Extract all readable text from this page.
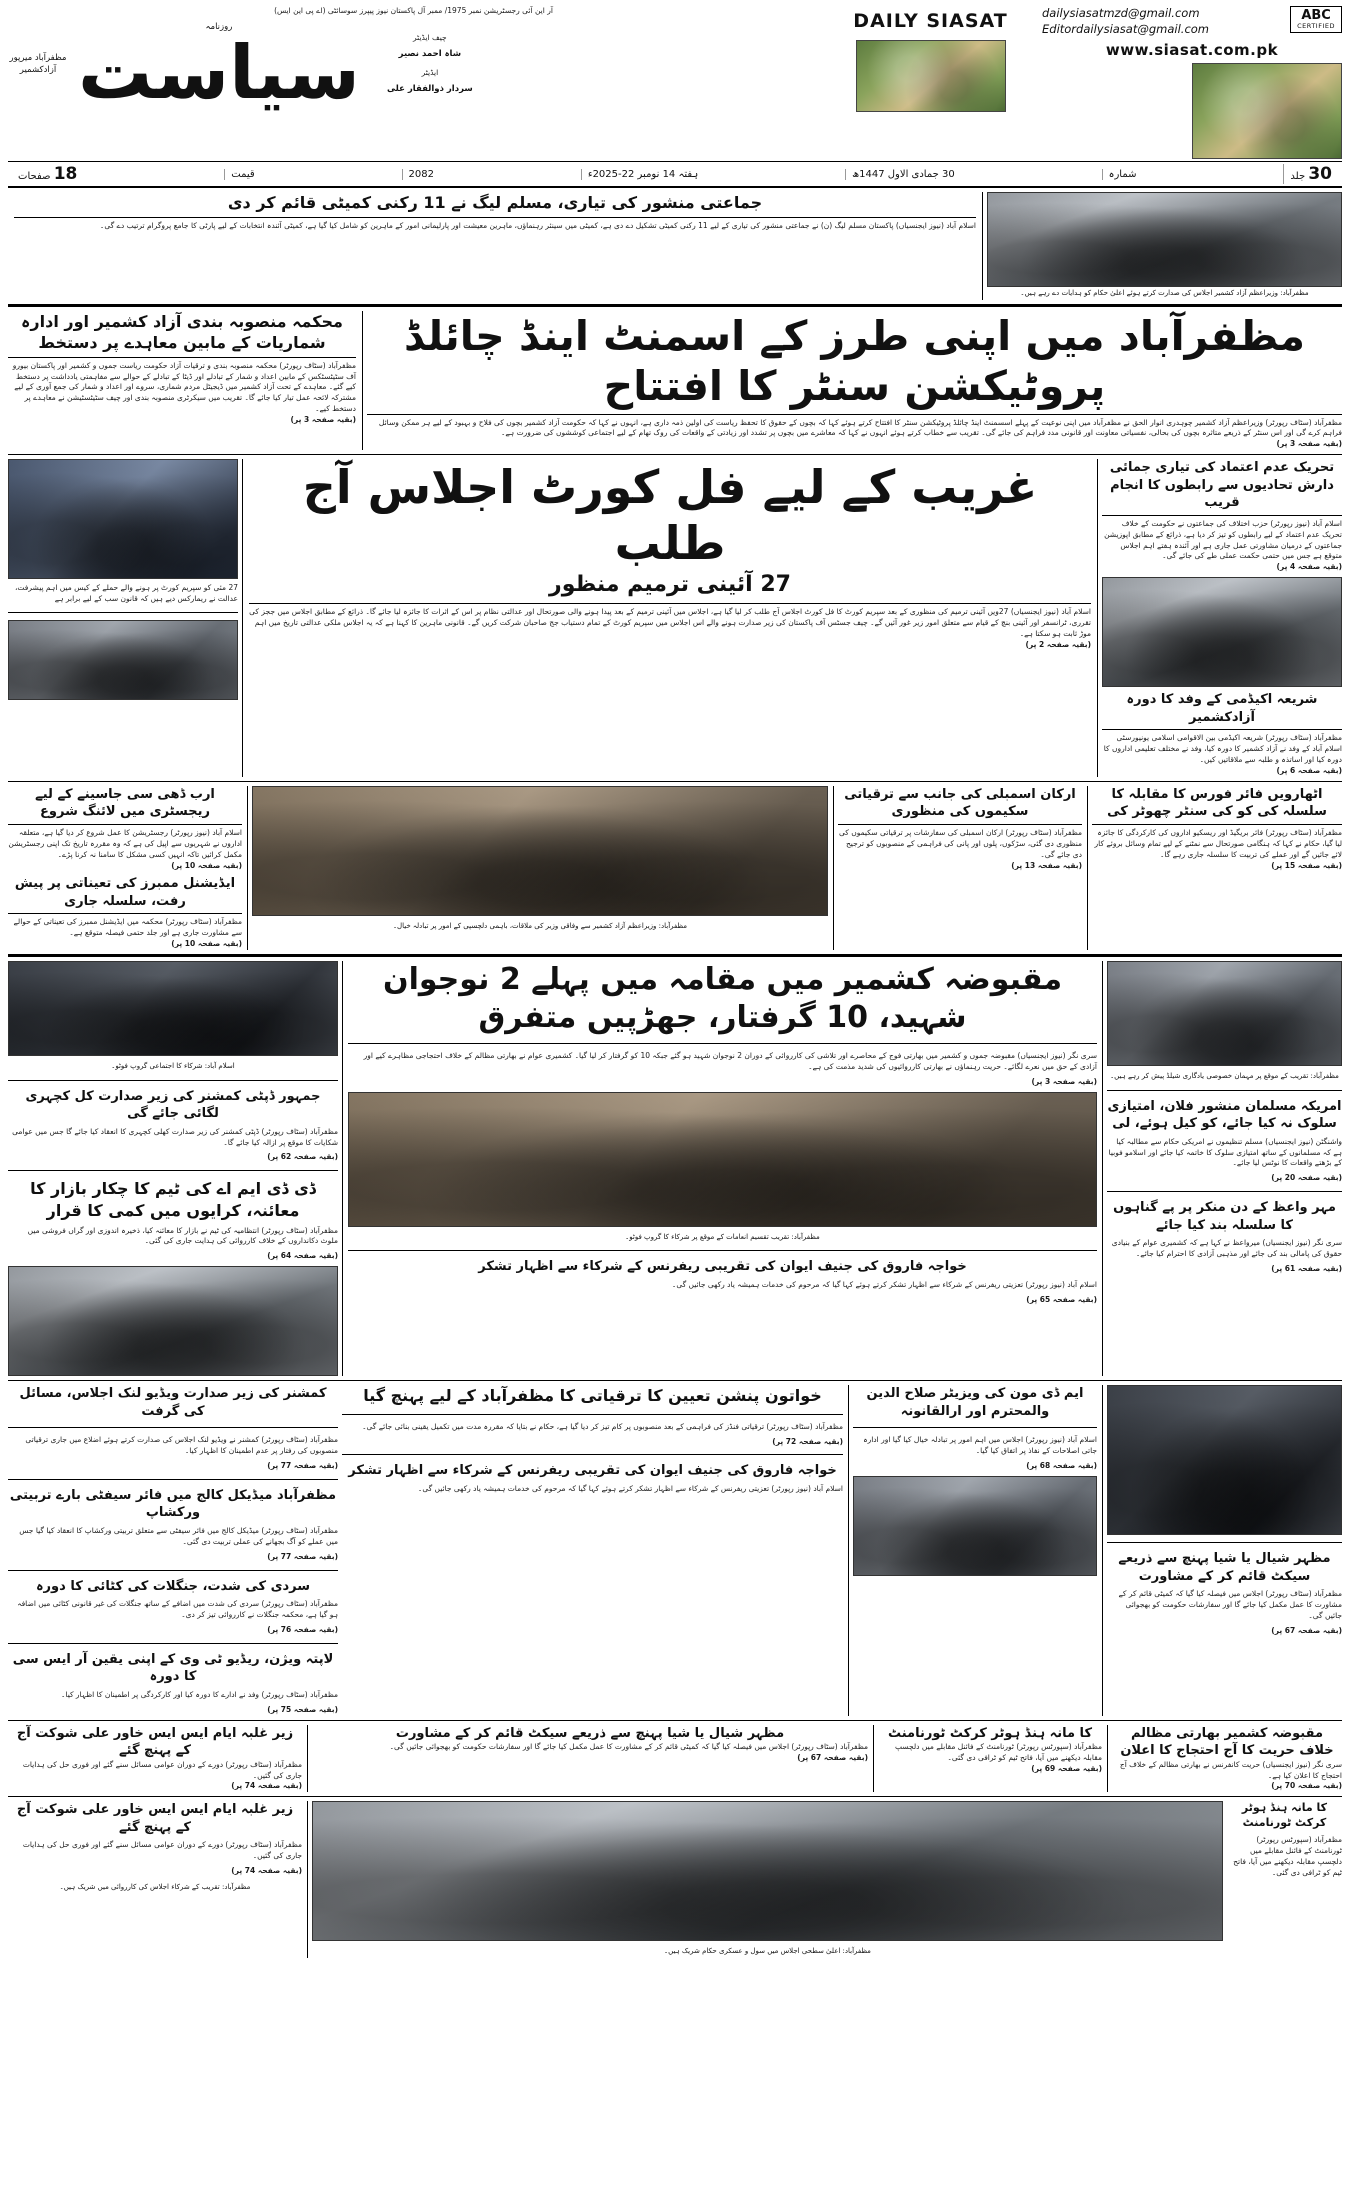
ABC
CERTIFIED
dailysiasatmzd@gmail.com
Editordailysiasat@gmail.com
www.siasat.com.pk
DAILY SIASAT
آر این آئی رجسٹریشن نمبر 1975/ ممبر آل پاکستان نیوز پیپرز سوسائٹی (اے پی این ایس)
چیف ایڈیٹر
شاہ احمد نصیر
ایڈیٹر
سردار ذوالفقار علی
روزنامہ
سیاست
مظفرآباد میرپور آزادکشمیر
30 جلد
شمارہ
30 جمادی الاول 1447ھ
ہفتہ 14 نومبر 22-2025ء
2082
قیمت
18 صفحات
مظفرآباد: وزیراعظم آزاد کشمیر اجلاس کی صدارت کرتے ہوئے اعلیٰ حکام کو ہدایات دے رہے ہیں۔
جماعتی منشور کی تیاری، مسلم لیگ نے 11 رکنی کمیٹی قائم کر دی
اسلام آباد (نیوز ایجنسیاں) پاکستان مسلم لیگ (ن) نے جماعتی منشور کی تیاری کے لیے 11 رکنی کمیٹی تشکیل دے دی ہے، کمیٹی میں سینئر رہنماؤں، ماہرین معیشت اور پارلیمانی امور کے ماہرین کو شامل کیا گیا ہے، کمیٹی آئندہ انتخابات کے لیے پارٹی کا جامع پروگرام ترتیب دے گی۔
مظفرآباد میں اپنی طرز کے اسمنٹ اینڈ چائلڈ پروٹیکشن سنٹر کا افتتاح
مظفرآباد (سٹاف رپورٹر) وزیراعظم آزاد کشمیر چوہدری انوار الحق نے مظفرآباد میں اپنی نوعیت کے پہلے اسسمنٹ اینڈ چائلڈ پروٹیکشن سنٹر کا افتتاح کرتے ہوئے کہا کہ بچوں کے حقوق کا تحفظ ریاست کی اولین ذمہ داری ہے، انہوں نے کہا کہ حکومت آزاد کشمیر بچوں کی فلاح و بہبود کے لیے ہر ممکن وسائل فراہم کرے گی اور اس سنٹر کے ذریعے متاثرہ بچوں کی بحالی، نفسیاتی معاونت اور قانونی مدد فراہم کی جائے گی۔ تقریب سے خطاب کرتے ہوئے انہوں نے کہا کہ معاشرے میں بچوں پر تشدد اور زیادتی کے واقعات کی روک تھام کے لیے اجتماعی کوششوں کی ضرورت ہے۔
(بقیہ صفحہ 3 پر)
محکمہ منصوبہ بندی آزاد کشمیر اور ادارہ شماریات کے مابین معاہدے پر دستخط
مظفرآباد (سٹاف رپورٹر) محکمہ منصوبہ بندی و ترقیات آزاد حکومت ریاست جموں و کشمیر اور پاکستان بیورو آف سٹیٹسٹکس کے مابین اعداد و شمار کے تبادلے اور ڈیٹا کے تبادلے کے حوالے سے مفاہمتی یادداشت پر دستخط کیے گئے۔ معاہدے کے تحت آزاد کشمیر میں ڈیجیٹل مردم شماری، سروے اور اعداد و شمار کی جمع آوری کے لیے مشترکہ لائحہ عمل تیار کیا جائے گا۔ تقریب میں سیکرٹری منصوبہ بندی اور چیف سٹیٹسٹیشن نے معاہدے پر دستخط کیے۔
(بقیہ صفحہ 3 پر)
تحریک عدم اعتماد کی تیاری جمائی دارش تحادیوں سے رابطوں کا انجام قریب
اسلام آباد (نیوز رپورٹر) حزب اختلاف کی جماعتوں نے حکومت کے خلاف تحریک عدم اعتماد کے لیے رابطوں کو تیز کر دیا ہے، ذرائع کے مطابق اپوزیشن جماعتوں کے درمیان مشاورتی عمل جاری ہے اور آئندہ ہفتے اہم اجلاس متوقع ہے جس میں حتمی حکمت عملی طے کی جائے گی۔
(بقیہ صفحہ 4 پر)
شریعہ اکیڈمی کے وفد کا دورہ آزادکشمیر
مظفرآباد (سٹاف رپورٹر) شریعہ اکیڈمی بین الاقوامی اسلامی یونیورسٹی اسلام آباد کے وفد نے آزاد کشمیر کا دورہ کیا، وفد نے مختلف تعلیمی اداروں کا دورہ کیا اور اساتذہ و طلبہ سے ملاقاتیں کیں۔
(بقیہ صفحہ 6 پر)
غریب کے لیے فل کورٹ اجلاس آج طلب
27 آئینی ترمیم منظور
اسلام آباد (نیوز ایجنسیاں) 27ویں آئینی ترمیم کی منظوری کے بعد سپریم کورٹ کا فل کورٹ اجلاس آج طلب کر لیا گیا ہے، اجلاس میں آئینی ترمیم کے بعد پیدا ہونے والی صورتحال اور عدالتی نظام پر اس کے اثرات کا جائزہ لیا جائے گا۔ ذرائع کے مطابق اجلاس میں ججز کی تقرری، ٹرانسفر اور آئینی بنچ کے قیام سے متعلق امور زیر غور آئیں گے۔ چیف جسٹس آف پاکستان کی زیر صدارت ہونے والے اس اجلاس میں سپریم کورٹ کے تمام دستیاب جج صاحبان شرکت کریں گے۔ قانونی ماہرین کا کہنا ہے کہ یہ اجلاس ملکی عدالتی تاریخ میں اہم موڑ ثابت ہو سکتا ہے۔
(بقیہ صفحہ 2 پر)
27 مئی کو سپریم کورٹ پر ہونے والے حملے کے کیس میں اہم پیشرفت، عدالت نے ریمارکس دیے ہیں کہ قانون سب کے لیے برابر ہے
اٹھارویں فائر فورس کا مقابلہ کا سلسلہ کی کو کی سنٹر چھوٹر کی
مظفرآباد (سٹاف رپورٹر) فائر بریگیڈ اور ریسکیو اداروں کی کارکردگی کا جائزہ لیا گیا، حکام نے کہا کہ ہنگامی صورتحال سے نمٹنے کے لیے تمام وسائل بروئے کار لائے جائیں گے اور عملے کی تربیت کا سلسلہ جاری رہے گا۔
(بقیہ صفحہ 15 پر)
ارکان اسمبلی کی جانب سے ترقیاتی سکیموں کی منظوری
مظفرآباد (سٹاف رپورٹر) ارکان اسمبلی کی سفارشات پر ترقیاتی سکیموں کی منظوری دی گئی، سڑکوں، پلوں اور پانی کی فراہمی کے منصوبوں کو ترجیح دی جائے گی۔
(بقیہ صفحہ 13 پر)
مظفرآباد: وزیراعظم آزاد کشمیر سے وفاقی وزیر کی ملاقات، باہمی دلچسپی کے امور پر تبادلہ خیال۔
ارب ڈھی سی جاسینے کے لیے ریجسٹری میں لائنگ شروع
اسلام آباد (نیوز رپورٹر) رجسٹریشن کا عمل شروع کر دیا گیا ہے، متعلقہ اداروں نے شہریوں سے اپیل کی ہے کہ وہ مقررہ تاریخ تک اپنی رجسٹریشن مکمل کرائیں تاکہ انہیں کسی مشکل کا سامنا نہ کرنا پڑے۔
(بقیہ صفحہ 10 پر)
ایڈیشنل ممبرز کی تعیناتی پر پیش رفت، سلسلہ جاری
مظفرآباد (سٹاف رپورٹر) محکمہ میں ایڈیشنل ممبرز کی تعیناتی کے حوالے سے مشاورت جاری ہے اور جلد حتمی فیصلہ متوقع ہے۔
(بقیہ صفحہ 10 پر)
مظفرآباد: تقریب کے موقع پر مہمان خصوصی یادگاری شیلڈ پیش کر رہے ہیں۔
امریکہ مسلمان منشور فلان، امتیازی سلوک نہ کیا جائے، کو کیل ہوئے، لی
واشنگٹن (نیوز ایجنسیاں) مسلم تنظیموں نے امریکی حکام سے مطالبہ کیا ہے کہ مسلمانوں کے ساتھ امتیازی سلوک کا خاتمہ کیا جائے اور اسلامو فوبیا کے بڑھتے واقعات کا نوٹس لیا جائے۔
(بقیہ صفحہ 20 پر)
مہر واعظ کے دن منکر پر پے گناہوں کا سلسلہ بند کیا جائے
سری نگر (نیوز ایجنسیاں) میرواعظ نے کہا ہے کہ کشمیری عوام کے بنیادی حقوق کی پامالی بند کی جائے اور مذہبی آزادی کا احترام کیا جائے۔
(بقیہ صفحہ 61 پر)
مقبوضہ کشمیر میں مقامہ میں پہلے 2 نوجوان شہید، 10 گرفتار، جھڑپیں متفرق
سری نگر (نیوز ایجنسیاں) مقبوضہ جموں و کشمیر میں بھارتی فوج کے محاصرے اور تلاشی کی کارروائی کے دوران 2 نوجوان شہید ہو گئے جبکہ 10 کو گرفتار کر لیا گیا۔ کشمیری عوام نے بھارتی مظالم کے خلاف احتجاجی مظاہرے کیے اور آزادی کے حق میں نعرے لگائے۔ حریت رہنماؤں نے بھارتی کارروائیوں کی شدید مذمت کی ہے۔
(بقیہ صفحہ 3 پر)
مظفرآباد: تقریب تقسیم انعامات کے موقع پر شرکاء کا گروپ فوٹو۔
خواجہ فاروق کی جنیف ایوان کی تقریبی ریفرنس کے شرکاء سے اظہار تشکر
اسلام آباد (نیوز رپورٹر) تعزیتی ریفرنس کے شرکاء سے اظہار تشکر کرتے ہوئے کہا گیا کہ مرحوم کی خدمات ہمیشہ یاد رکھی جائیں گی۔
(بقیہ صفحہ 65 پر)
اسلام آباد: شرکاء کا اجتماعی گروپ فوٹو۔
جمہور ڈپٹی کمشنر کی زیر صدارت کل کچہری لگائی جائے گی
مظفرآباد (سٹاف رپورٹر) ڈپٹی کمشنر کی زیر صدارت کھلی کچہری کا انعقاد کیا جائے گا جس میں عوامی شکایات کا موقع پر ازالہ کیا جائے گا۔
(بقیہ صفحہ 62 پر)
ڈی ڈی ایم اے کی ٹیم کا چکار بازار کا معائنہ، کرایوں میں کمی کا قرار
مظفرآباد (سٹاف رپورٹر) انتظامیہ کی ٹیم نے بازار کا معائنہ کیا، ذخیرہ اندوزی اور گراں فروشی میں ملوث دکانداروں کے خلاف کارروائی کی ہدایت جاری کی گئی۔
(بقیہ صفحہ 64 پر)
مظہر شیال یا شیا پہنچ سے ذریعے سیکٹ قائم کر کے مشاورت
مظفرآباد (سٹاف رپورٹر) اجلاس میں فیصلہ کیا گیا کہ کمیٹی قائم کر کے مشاورت کا عمل مکمل کیا جائے گا اور سفارشات حکومت کو بھجوائی جائیں گی۔
(بقیہ صفحہ 67 پر)
ایم ڈی مون کی ویزیٹر صلاح الدین والمحترم اور ارالقانونہ
اسلام آباد (نیوز رپورٹر) اجلاس میں اہم امور پر تبادلہ خیال کیا گیا اور ادارہ جاتی اصلاحات کے نفاذ پر اتفاق کیا گیا۔
(بقیہ صفحہ 68 پر)
خواتون پنشن تعیین کا ترقیاتی کا مظفرآباد کے لیے پہنچ گیا
مظفرآباد (سٹاف رپورٹر) ترقیاتی فنڈز کی فراہمی کے بعد منصوبوں پر کام تیز کر دیا گیا ہے، حکام نے بتایا کہ مقررہ مدت میں تکمیل یقینی بنائی جائے گی۔
(بقیہ صفحہ 72 پر)
خواجہ فاروق کی جنیف ایوان کی تقریبی ریفرنس کے شرکاء سے اظہار تشکر
اسلام آباد (نیوز رپورٹر) تعزیتی ریفرنس کے شرکاء سے اظہار تشکر کرتے ہوئے کہا گیا کہ مرحوم کی خدمات ہمیشہ یاد رکھی جائیں گی۔
کمشنر کی زیر صدارت ویڈیو لنک اجلاس، مسائل کی گرفت
مظفرآباد (سٹاف رپورٹر) کمشنر نے ویڈیو لنک اجلاس کی صدارت کرتے ہوئے اضلاع میں جاری ترقیاتی منصوبوں کی رفتار پر عدم اطمینان کا اظہار کیا۔
(بقیہ صفحہ 77 پر)
مظفرآباد میڈیکل کالج میں فائر سیفٹی بارے تربیتی ورکشاپ
مظفرآباد (سٹاف رپورٹر) میڈیکل کالج میں فائر سیفٹی سے متعلق تربیتی ورکشاپ کا انعقاد کیا گیا جس میں عملے کو آگ بجھانے کی عملی تربیت دی گئی۔
(بقیہ صفحہ 77 پر)
سردی کی شدت، جنگلات کی کٹائی کا دورہ
مظفرآباد (سٹاف رپورٹر) سردی کی شدت میں اضافے کے ساتھ جنگلات کی غیر قانونی کٹائی میں اضافہ ہو گیا ہے، محکمہ جنگلات نے کارروائی تیز کر دی۔
(بقیہ صفحہ 76 پر)
لاپتہ ویژن، ریڈیو ٹی وی کے اپنی یقین آر ایس سی کا دورہ
مظفرآباد (سٹاف رپورٹر) وفد نے ادارے کا دورہ کیا اور کارکردگی پر اطمینان کا اظہار کیا۔
(بقیہ صفحہ 75 پر)
مقبوضہ کشمیر بھارتی مظالم خلاف حریت کا آج احتجاج کا اعلان
سری نگر (نیوز ایجنسیاں) حریت کانفرنس نے بھارتی مظالم کے خلاف آج احتجاج کا اعلان کیا ہے۔
(بقیہ صفحہ 70 پر)
کا مانہ ہنڈ ہوٹر کرکٹ ٹورنامنٹ
مظفرآباد (سپورٹس رپورٹر) ٹورنامنٹ کے فائنل مقابلے میں دلچسپ مقابلہ دیکھنے میں آیا، فاتح ٹیم کو ٹرافی دی گئی۔
(بقیہ صفحہ 69 پر)
مظہر شیال یا شیا پہنچ سے ذریعے سیکٹ قائم کر کے مشاورت
مظفرآباد (سٹاف رپورٹر) اجلاس میں فیصلہ کیا گیا کہ کمیٹی قائم کر کے مشاورت کا عمل مکمل کیا جائے گا اور سفارشات حکومت کو بھجوائی جائیں گی۔
(بقیہ صفحہ 67 پر)
زیر غلبہ ایام ایس ایس خاور علی شوکت آج کے پہنچ گئے
مظفرآباد (سٹاف رپورٹر) دورے کے دوران عوامی مسائل سنے گئے اور فوری حل کی ہدایات جاری کی گئیں۔
(بقیہ صفحہ 74 پر)
کا مانہ ہنڈ ہوٹر کرکٹ ٹورنامنٹ
مظفرآباد (سپورٹس رپورٹر) ٹورنامنٹ کے فائنل مقابلے میں دلچسپ مقابلہ دیکھنے میں آیا، فاتح ٹیم کو ٹرافی دی گئی۔
مظفرآباد: اعلیٰ سطحی اجلاس میں سول و عسکری حکام شریک ہیں۔
زیر غلبہ ایام ایس ایس خاور علی شوکت آج کے پہنچ گئے
مظفرآباد (سٹاف رپورٹر) دورے کے دوران عوامی مسائل سنے گئے اور فوری حل کی ہدایات جاری کی گئیں۔
(بقیہ صفحہ 74 پر)
مظفرآباد: تقریب کے شرکاء اجلاس کی کارروائی میں شریک ہیں۔
